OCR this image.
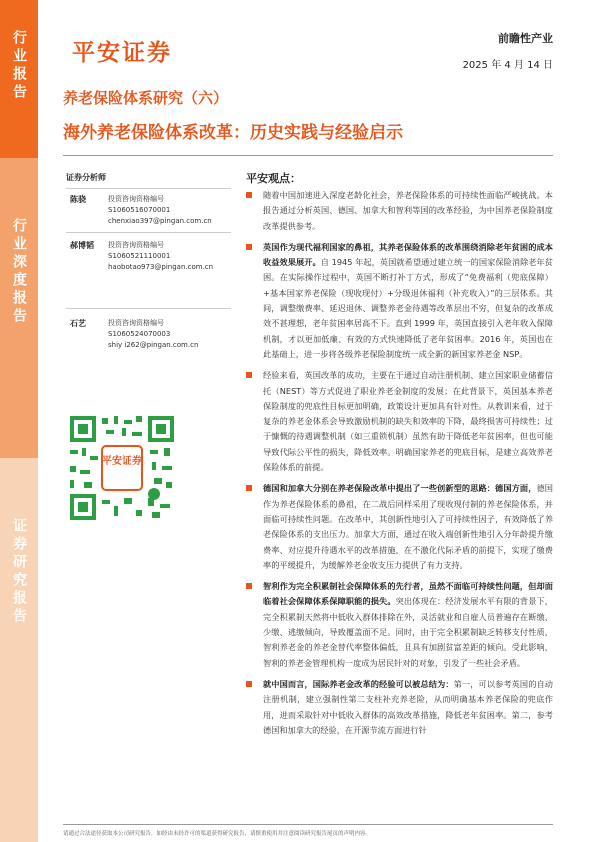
行业报告
行业深度报告
证券研究报告
平安证券
前瞻性产业
2025 年 4 月 14 日
养老保险体系研究（六）
海外养老保险体系改革：历史实践与经验启示
证券分析师
陈骁	投资咨询资格编号
S1060516070001
chenxiao397@pingan.com.cn
郝博韬 投资咨询资格编号
S1060521110001
haobotao973@pingan.com.cn
石艺	投资咨询资格编号
S1060524070003
shiy i262@pingan.com.cn
平安证券
平安观点：
随着中国加速进入深度老龄化社会，养老保险体系的可持续性面临严峻挑战。本报告通过分析英国、德国、加拿大和智利等国的改革经验，为中国养老保险制度改革提供参考。
英国作为现代福利国家的鼻祖，其养老保险体系的改革围绕消除老年贫困的成本收益效果展开。自 1945 年起，英国就希望通过建立统一的国家保险消除老年贫困。在实际操作过程中，英国不断打补丁方式，形成了“免费福利（兜底保障）+基本国家养老保险（现收现付）+分级退休福利（补充收入）”的三层体系。其间，调整缴费率、延迟退休、调整养老金待遇等改革层出不穷，但复杂的改革成效不甚理想，老年贫困率居高不下。直到 1999 年，英国直接引入老年收入保障机制，才以更加低廉、有效的方式快速降低了老年贫困率。2016 年，英国也在此基础上，进一步将各级养老保险制度统一成全新的新国家养老金 NSP。
经验来看，英国改革的成功，主要在于通过自动注册机制、建立国家职业储蓄信托（NEST）等方式促进了职业养老金制度的发展；在此背景下，英国基本养老保险制度的兜底性目标更加明确，政策设计更加具有针对性。从教训来看，过于复杂的养老金体系会导致激励机制的缺失和效率的下降，最终损害可持续性；过于慷慨的待遇调整机制（如三重锁机制）虽然有助于降低老年贫困率，但也可能导致代际公平性的损失，降低效率。明确国家养老的兜底目标，是建立高效养老保险体系的前提。
德国和加拿大分别在养老保险改革中提出了一些创新型的思路：德国方面，德国作为养老保险体系的鼻祖，在二战后同样采用了现收现付制的养老保险体系，并面临可持续性问题。在改革中，其创新性地引入了可持续性因子，有效降低了养老保险体系的支出压力。加拿大方面，通过在收入端创新性地引入分年龄提升缴费率、对应提升待遇水平的改革措施，在不激化代际矛盾的前提下，实现了缴费率的平缓提升，为缓解养老金收支压力提供了有力支持。
智利作为完全积累制社会保障体系的先行者，虽然不面临可持续性问题，但却面临着社会保障体系保障职能的损失。突出体现在：经济发展水平有限的背景下，完全积累制天然将中低收入群体排除在外，灵活就业和自雇人员普遍存在断缴、少缴、逃缴倾向，导致覆盖面不足。同时，由于完全积累制缺乏转移支付性质，智利养老金的养老金替代率整体偏低，且具有加剧贫富差距的倾向。受此影响，智利的养老金管理机构一度成为居民针对的对象，引发了一些社会矛盾。
就中国而言，国际养老金改革的经验可以被总结为：第一，可以参考英国的自动注册机制，建立强制性第二支柱补充养老险，从而明确基本养老保险的兜底作用，进而采取针对中低收入群体的高效改革措施，降低老年贫困率。第二，参考德国和加拿大的经验，在开源节流方面进行针
请通过合法途径获取本公司研究报告，如经由未经许可的渠道获得研究报告，请慎重使用并注意阅读研究报告尾页的声明内容。
